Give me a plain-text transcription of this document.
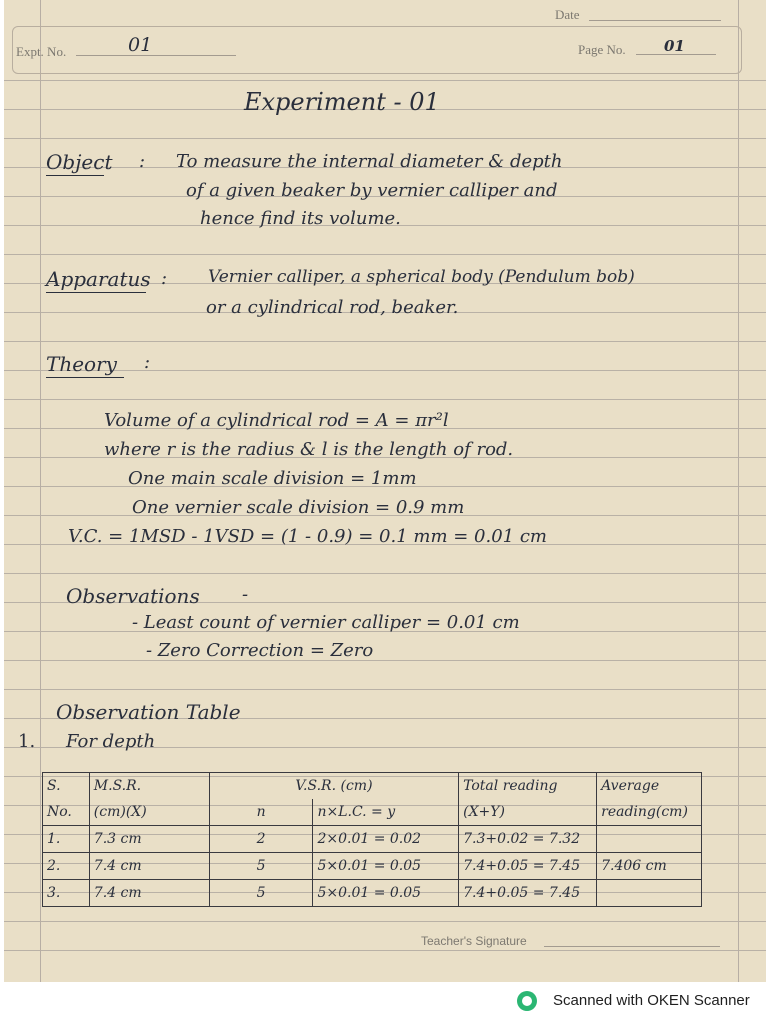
Date
Expt. No.	01	Page No.	01
Experiment - 01
Object : To measure the internal diameter & depth
of a given beaker by vernier calliper and
hence find its volume.
Apparatus : Vernier calliper, a spherical body (Pendulum bob)
or a cylindrical rod, beaker.
Theory :
Volume of a cylindrical rod = A = πr²l
where r is the radius & l is the length of rod.
One main scale division = 1mm
One vernier scale division = 0.9 mm
V.C. = 1MSD - 1VSD = (1 - 0.9) = 0.1 mm = 0.01 cm
Observations -
- Least count of vernier calliper = 0.01 cm
- Zero Correction = Zero
Observation Table
1. For depth
S.	M.S.R.	V.S.R. (cm)		Total reading	Average
No.	(cm)(X)	n	n×L.C. = y	(X+Y)	reading(cm)
1.	7.3 cm	2	2×0.01 = 0.02	7.3+0.02 = 7.32	
2.	7.4 cm	5	5×0.01 = 0.05	7.4+0.05 = 7.45	7.406 cm
3.	7.4 cm	5	5×0.01 = 0.05	7.4+0.05 = 7.45	
Teacher's Signature
Scanned with OKEN Scanner
